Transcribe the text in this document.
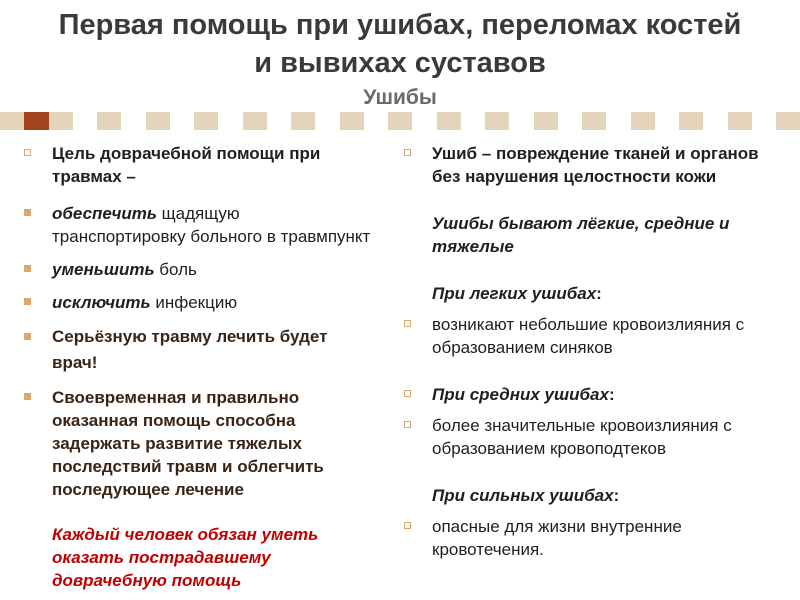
Первая помощь при ушибах, переломах костей
и вывихах суставов
Ушибы
Цель доврачебной помощи при травмах –
обеспечить щадящую транспортировку больного в травмпункт
уменьшить боль
исключить инфекцию
Серьёзную травму лечить будет врач!
Своевременная и правильно оказанная помощь способна задержать развитие тяжелых последствий травм и облегчить последующее лечение
Каждый человек обязан уметь оказать пострадавшему доврачебную помощь
Ушиб – повреждение тканей и органов без нарушения целостности кожи
Ушибы бывают лёгкие, средние и тяжелые
При легких ушибах:
возникают небольшие кровоизлияния с образованием синяков
При средних ушибах:
более значительные кровоизлияния с образованием кровоподтеков
При сильных ушибах:
опасные для жизни внутренние кровотечения.
